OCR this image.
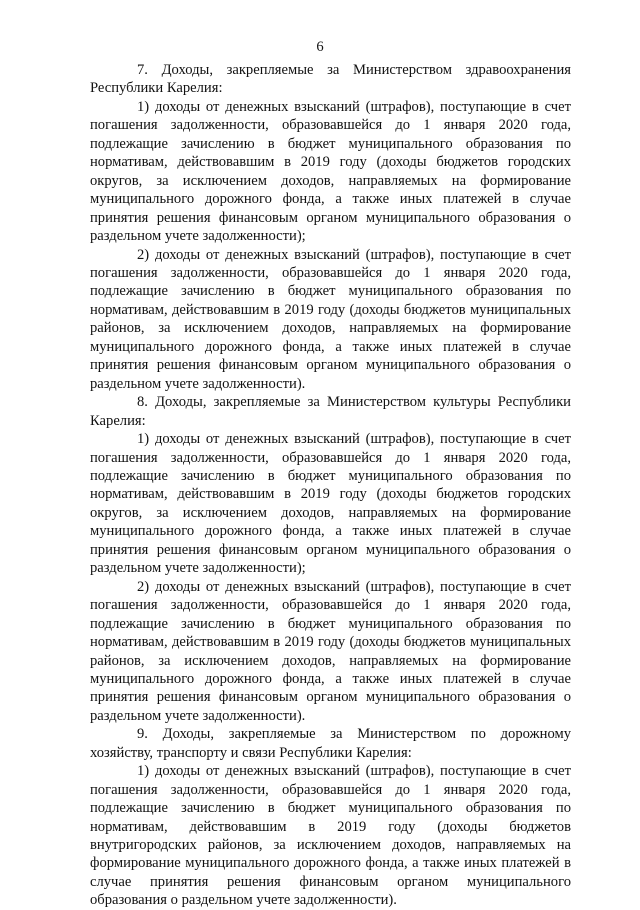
6

7. Доходы, закрепляемые за Министерством здравоохранения Республики Карелия:

1) доходы от денежных взысканий (штрафов), поступающие в счет погашения задолженности, образовавшейся до 1 января 2020 года, подлежащие зачислению в бюджет муниципального образования по нормативам, действовавшим в 2019 году (доходы бюджетов городских округов, за исключением доходов, направляемых на формирование муниципального дорожного фонда, а также иных платежей в случае принятия решения финансовым органом муниципального образования о раздельном учете задолженности);

2) доходы от денежных взысканий (штрафов), поступающие в счет погашения задолженности, образовавшейся до 1 января 2020 года, подлежащие зачислению в бюджет муниципального образования по нормативам, действовавшим в 2019 году (доходы бюджетов муниципальных районов, за исключением доходов, направляемых на формирование муниципального дорожного фонда, а также иных платежей в случае принятия решения финансовым органом муниципального образования о раздельном учете задолженности).

8. Доходы, закрепляемые за Министерством культуры Республики Карелия:

1) доходы от денежных взысканий (штрафов), поступающие в счет погашения задолженности, образовавшейся до 1 января 2020 года, подлежащие зачислению в бюджет муниципального образования по нормативам, действовавшим в 2019 году (доходы бюджетов городских округов, за исключением доходов, направляемых на формирование муниципального дорожного фонда, а также иных платежей в случае принятия решения финансовым органом муниципального образования о раздельном учете задолженности);

2) доходы от денежных взысканий (штрафов), поступающие в счет погашения задолженности, образовавшейся до 1 января 2020 года, подлежащие зачислению в бюджет муниципального образования по нормативам, действовавшим в 2019 году (доходы бюджетов муниципальных районов, за исключением доходов, направляемых на формирование муниципального дорожного фонда, а также иных платежей в случае принятия решения финансовым органом муниципального образования о раздельном учете задолженности).

9. Доходы, закрепляемые за Министерством по дорожному хозяйству, транспорту и связи Республики Карелия:

1) доходы от денежных взысканий (штрафов), поступающие в счет погашения задолженности, образовавшейся до 1 января 2020 года, подлежащие зачислению в бюджет муниципального образования по нормативам, действовавшим в 2019 году (доходы бюджетов внутригородских районов, за исключением доходов, направляемых на формирование муниципального дорожного фонда, а также иных платежей в случае принятия решения финансовым органом муниципального образования о раздельном учете задолженности).
